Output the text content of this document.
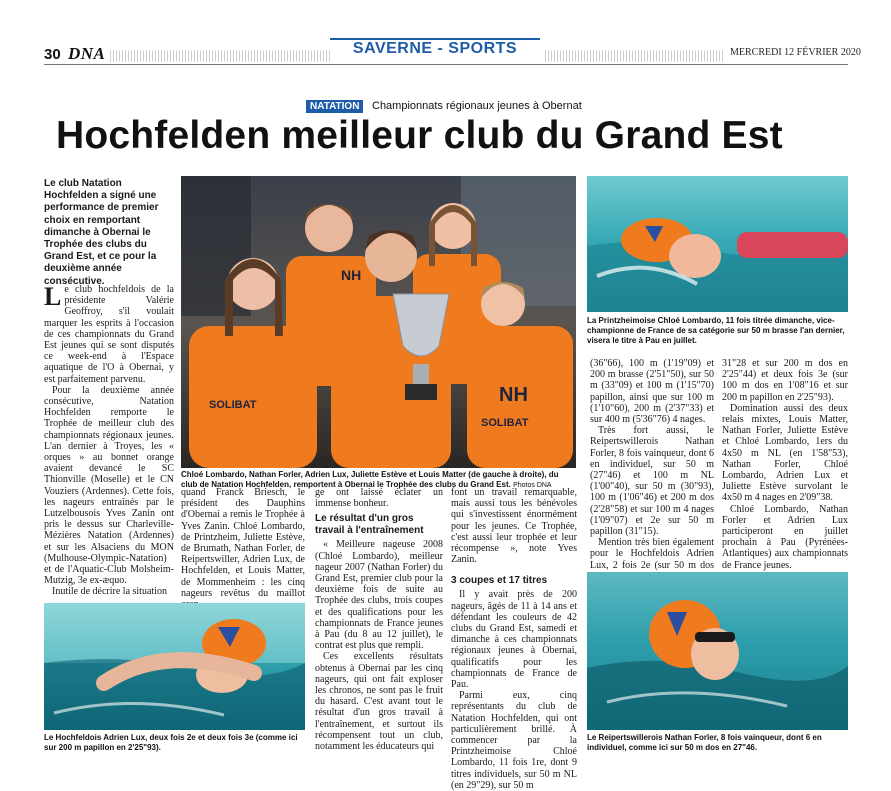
30 DNA	SAVERNE - SPORTS	MERCREDI 12 FÉVRIER 2020
NATATION	Championnats régionaux jeunes à Obernat
Hochfelden meilleur club du Grand Est
Le club Natation Hochfelden a signé une performance de premier choix en remportant dimanche à Obernai le Trophée des clubs du Grand Est, et ce pour la deuxième année consécutive.

Le club hochfeldois de la présidente Valérie Geoffroy, s'il voulait marquer les esprits à l'occasion de ces championnats du Grand Est jeunes qui se sont disputés ce week-end à l'Espace aquatique de l'O à Obernai, y est parfaitement parvenu.

Pour la deuxième année consécutive, Natation Hochfelden remporte le Trophée de meilleur club des championnats régionaux jeunes. L'an dernier à Troyes, les « orques » au bonnet orange avaient devancé le SC Thionville (Moselle) et le CN Vouziers (Ardennes). Cette fois, les nageurs entraînés par le Lutzelbousois Yves Zanin ont pris le dessus sur Charleville-Mézières Natation (Ardennes) et sur les Alsaciens du MON (Mulhouse-Olympic-Natation) et de l'Aquatic-Club Molsheim-Mutzig, 3e ex-æquo.

Inutile de décrire la situation

NH
NH
SOLIBAT
SOLIBAT
Chloé Lombardo, Nathan Forler, Adrien Lux, Juliette Estève et Louis Matter (de gauche à droite), du club de Natation Hochfelden, remportent à Obernai le Trophée des clubs du Grand Est. Photos DNA

quand Franck Briesch, le président des Dauphins d'Obernai a remis le Trophée à Yves Zanin. Chloé Lombardo, de Printzheim, Juliette Estève, de Brumath, Nathan Forler, de Reipertswiller, Adrien Lux, de Hochfelden, et Louis Matter, de Mommenheim : les cinq nageurs revêtus du maillot

ge ont laissé éclater un immense bonheur.

Le résultat d'un gros travail à l'entraînement

« Meilleure nageuse 2008 (Chloé Lombardo), meilleur nageur 2007 (Nathan Forler) du Grand Est, premier club pour la deuxième fois de suite au Trophée des clubs, trois coupes et des qualifications pour les championnats de France jeunes à Pau (du 8 au 12 juillet), le contrat est plus que rempli.

Ces excellents résultats obtenus à Obernai par les cinq nageurs, qui ont fait exploser les chronos, ne sont pas le fruit du hasard. C'est avant tout le résultat d'un gros travail à l'entraînement, et surtout ils récompensent tout un club, notamment les éducateurs qui

font un travail remarquable, mais aussi tous les bénévoles qui s'investissent énormément pour les jeunes. Ce Trophée, c'est aussi leur trophée et leur récompense », note Yves Zanin.

3 coupes et 17 titres

Il y avait près de 200 nageurs, âgés de 11 à 14 ans et défendant les couleurs de 42 clubs du Grand Est, samedi et dimanche à ces championnats régionaux jeunes à Obernai, qualificatifs pour les championnats de France de Pau.

Parmi eux, cinq représentants du club de Natation Hochfelden, qui ont particulièrement brillé. À commencer par la Printzheimoise Chloé Lombardo, 11 fois 1re, dont 9 titres individuels, sur 50 m NL (en 29"29), sur 50 m

La Printzheimoise Chloé Lombardo, 11 fois titrée dimanche, vice-championne de France de sa catégorie sur 50 m brasse l'an dernier, visera le titre à Pau en juillet.

(36"66), 100 m (1'19"09) et 200 m brasse (2'51"50), sur 50 m (33"09) et 100 m (1'15"70) papillon, ainsi que sur 100 m (1'10"60), 200 m (2'37"33) et sur 400 m (5'36"76) 4 nages.

Très fort aussi, le Reipertswillerois Nathan Forler, 8 fois vainqueur, dont 6 en individuel, sur 50 m (27"46) et 100 m NL (1'00"40), sur 50 m (30"93), 100 m (1'06"46) et 200 m dos (2'28"58) et sur 100 m 4 nages (1'09"07) et 2e sur 50 m papillon (31"15).

Mention très bien également pour le Hochfeldois Adrien Lux, 2 fois 2e (sur 50 m dos

31"28 et sur 200 m dos en 2'25"44) et deux fois 3e (sur 100 m dos en 1'08"16 et sur 200 m papillon en 2'25"93).

Domination aussi des deux relais mixtes, Louis Matter, Nathan Forler, Juliette Estève et Chloé Lombardo, 1ers du 4x50 m NL (en 1'58"53), Nathan Forler, Chloé Lombardo, Adrien Lux et Juliette Estève survolant le 4x50 m 4 nages en 2'09"38.

Chloé Lombardo, Nathan Forler et Adrien Lux participeront en juillet prochain à Pau (Pyrénées-Atlantiques) aux championnats de France jeunes.

Le Hochfeldois Adrien Lux, deux fois 2e et deux fois 3e (comme ici sur 200 m papillon en 2'25"93).
Le Reipertswillerois Nathan Forler, 8 fois vainqueur, dont 6 en individuel, comme ici sur 50 m dos en 27"46.
